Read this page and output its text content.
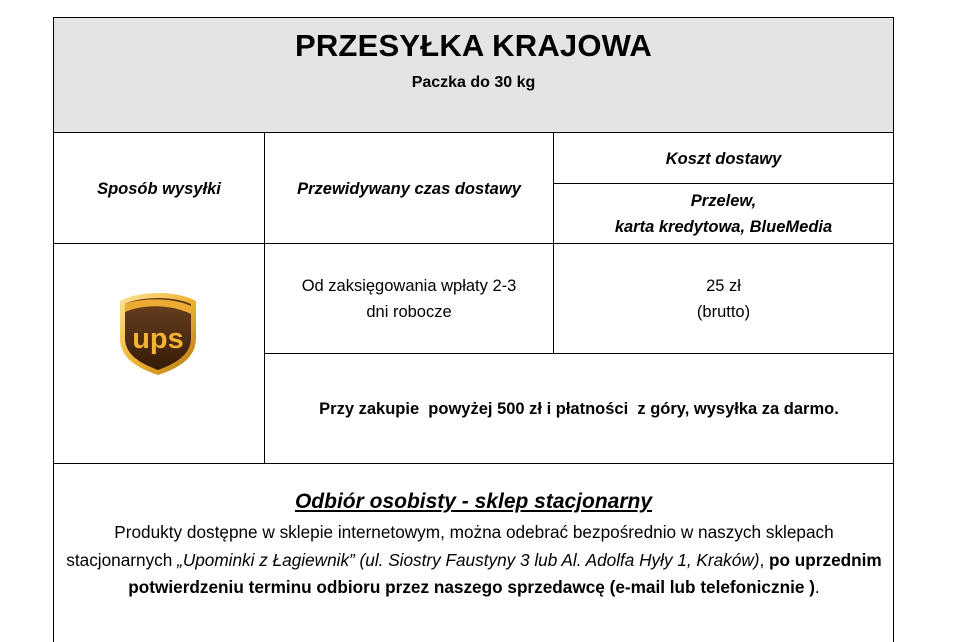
PRZESYŁKA KRAJOWA
Paczka do 30 kg
Sposób wysyłki	Przewidywany czas dostawy
Koszt dostawy
Przelew,
karta kredytowa, BlueMedia
ups
Od zaksięgowania wpłaty 2-3
dni robocze
25 zł
(brutto)
Przy zakupie  powyżej 500 zł i płatności  z góry, wysyłka za darmo.
Odbiór osobisty - sklep stacjonarny
Produkty dostępne w sklepie internetowym, można odebrać bezpośrednio w naszych sklepach stacjonarnych „Upominki z Łagiewnik” (ul. Siostry Faustyny 3 lub Al. Adolfa Hyły 1, Kraków), po uprzednim potwierdzeniu terminu odbioru przez naszego sprzedawcę (e-mail lub telefonicznie ).
